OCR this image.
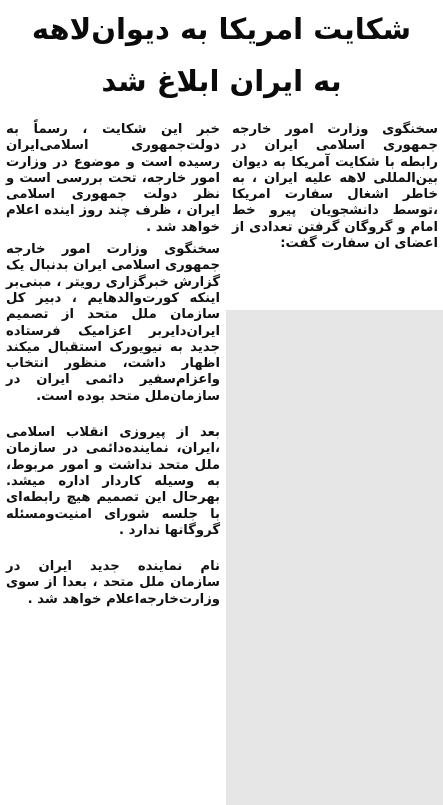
شکایت امریکا به دیوان‌لاهه
به ایران ابلاغ شد

سخنگوی وزارت امور خارجه جمهوری اسلامی ایران در رابطه با شکایت آمریکا به دیوان بین‌المللی لاهه علیه ایران ، به خاطر اشغال سفارت امریکا ،توسط دانشجویان پیرو خط امام و گروگان گرفتن تعدادی از اعضای ان سفارت گفت:

خبر این شکایت ، رسماً به دولت‌جمهوری اسلامی‌ایران رسیده است و موضوع در وزارت امور خارجه، تحت بررسی است و نظر دولت جمهوری اسلامی ایران ، ظرف چند روز اینده اعلام خواهد شد .

سخنگوی وزارت امور خارجه جمهوری اسلامی ایران بدنبال یک گزارش خبرگزاری رویتر ، مبنی‌بر اینکه کورت‌والدهایم ، دبیر کل سازمان ملل متحد از تصمیم ایران‌دایربر اعزامیک فرستاده جدید به نیویورک استقبال میکند اظهار داشت، منظور انتخاب واعزام‌سفیر دائمی ایران در سازمان‌ملل متحد بوده است.

بعد از پیروزی انقلاب اسلامی ،ایران، نماینده‌دائمی در سازمان ملل متحد نداشت و امور مربوط، به وسیله کاردار اداره میشد. بهرحال این تصمیم هیچ رابطه‌ای با جلسه شورای امنیت‌ومسئله گروگانها ندارد .

نام نماینده جدید ایران در سازمان ملل متحد ، بعدا از سوی وزارت‌خارجه‌اعلام خواهد شد .
